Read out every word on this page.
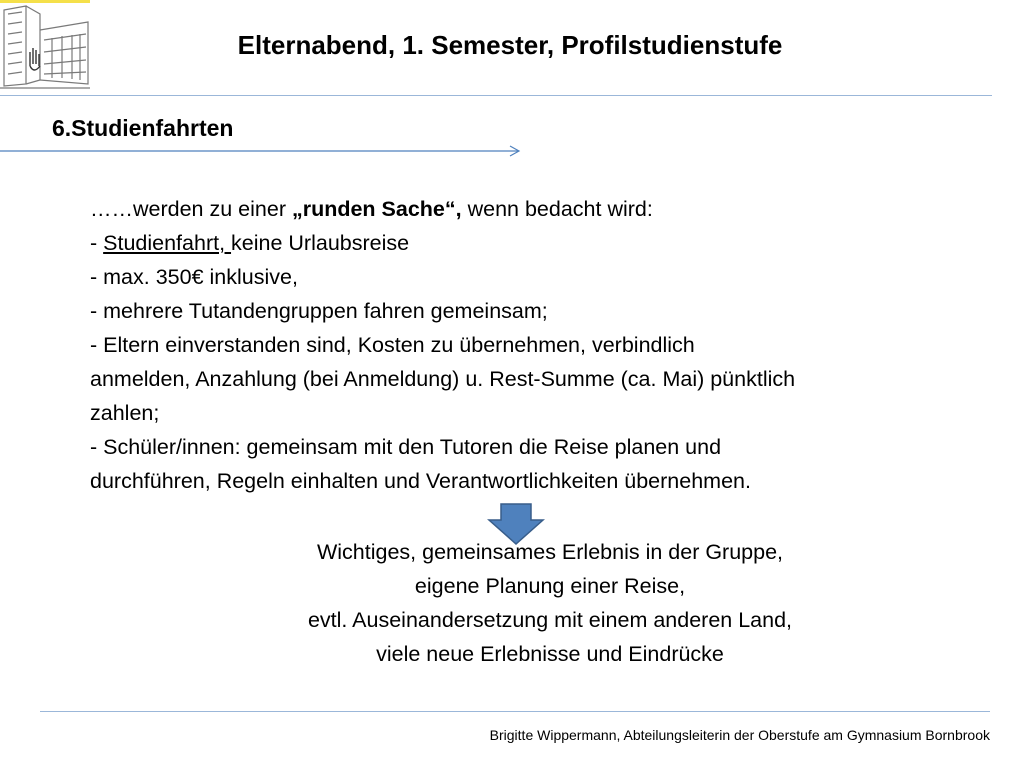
Elternabend, 1. Semester, Profilstudienstufe
6.Studienfahrten
……werden zu einer „runden Sache“, wenn bedacht wird:
- Studienfahrt, keine Urlaubsreise
- max. 350€ inklusive,
- mehrere Tutandengruppen fahren gemeinsam;
- Eltern einverstanden sind, Kosten zu übernehmen, verbindlich
anmelden, Anzahlung (bei Anmeldung) u. Rest-Summe (ca. Mai) pünktlich
zahlen;
- Schüler/innen: gemeinsam mit den Tutoren die Reise planen und
durchführen, Regeln einhalten und Verantwortlichkeiten übernehmen.
Wichtiges, gemeinsames Erlebnis in der Gruppe,
eigene Planung einer Reise,
evtl. Auseinandersetzung mit einem anderen Land,
viele neue Erlebnisse und Eindrücke
Brigitte Wippermann, Abteilungsleiterin der Oberstufe am Gymnasium Bornbrook
